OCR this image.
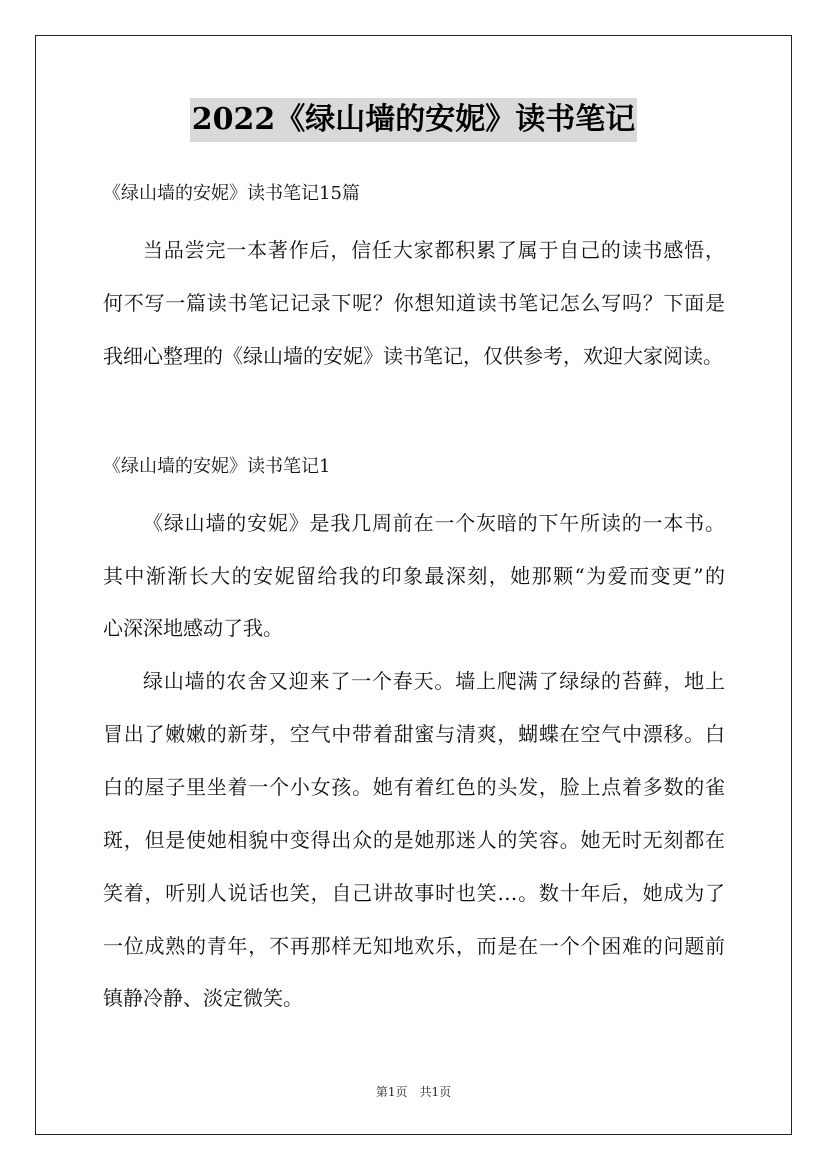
2022《绿山墙的安妮》读书笔记
《绿山墙的安妮》读书笔记15篇
当品尝完一本著作后，信任大家都积累了属于自己的读书感悟，
何不写一篇读书笔记记录下呢？你想知道读书笔记怎么写吗？下面是
我细心整理的《绿山墙的安妮》读书笔记，仅供参考，欢迎大家阅读。
《绿山墙的安妮》读书笔记1
《绿山墙的安妮》是我几周前在一个灰暗的下午所读的一本书。
其中渐渐长大的安妮留给我的印象最深刻，她那颗“为爱而变更”的
心深深地感动了我。
绿山墙的农舍又迎来了一个春天。墙上爬满了绿绿的苔藓，地上
冒出了嫩嫩的新芽，空气中带着甜蜜与清爽，蝴蝶在空气中漂移。白
白的屋子里坐着一个小女孩。她有着红色的头发，脸上点着多数的雀
斑，但是使她相貌中变得出众的是她那迷人的笑容。她无时无刻都在
笑着，听别人说话也笑，自己讲故事时也笑…。数十年后，她成为了
一位成熟的青年，不再那样无知地欢乐，而是在一个个困难的问题前
镇静冷静、淡定微笑。
第1页　共1页
